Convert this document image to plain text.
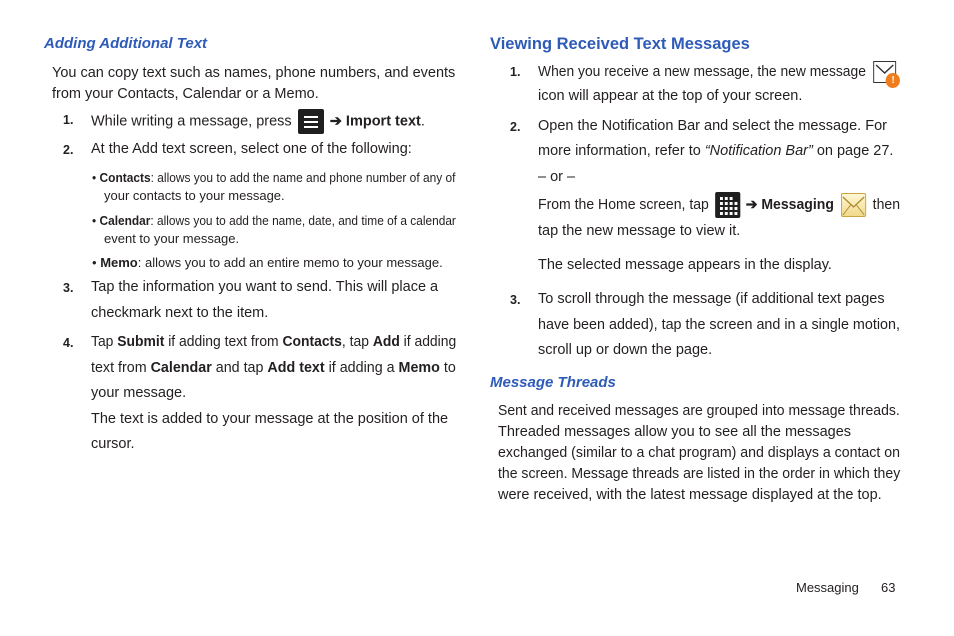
Adding Additional Text
You can copy text such as names, phone numbers, and events
from your Contacts, Calendar or a Memo.
1. While writing a message, press	➔ Import text.
2. At the Add text screen, select one of the following:
• Contacts: allows you to add the name and phone number of any of
your contacts to your message.
• Calendar: allows you to add the name, date, and time of a calendar
event to your message.
• Memo: allows you to add an entire memo to your message.
3. Tap the information you want to send. This will place a
checkmark next to the item.
4. Tap Submit if adding text from Contacts, tap Add if adding
text from Calendar and tap Add text if adding a Memo to
your message.
The text is added to your message at the position of the
cursor.
Viewing Received Text Messages
1. When you receive a new message, the new message
!
icon will appear at the top of your screen.
2. Open the Notification Bar and select the message. For
more information, refer to “Notification Bar” on page 27.
– or –
From the Home screen, tap	➔ Messaging	then
tap the new message to view it.
The selected message appears in the display.
3. To scroll through the message (if additional text pages
have been added), tap the screen and in a single motion,
scroll up or down the page.
Message Threads
Sent and received messages are grouped into message threads.
Threaded messages allow you to see all the messages
exchanged (similar to a chat program) and displays a contact on
the screen. Message threads are listed in the order in which they
were received, with the latest message displayed at the top.
Messaging 63
